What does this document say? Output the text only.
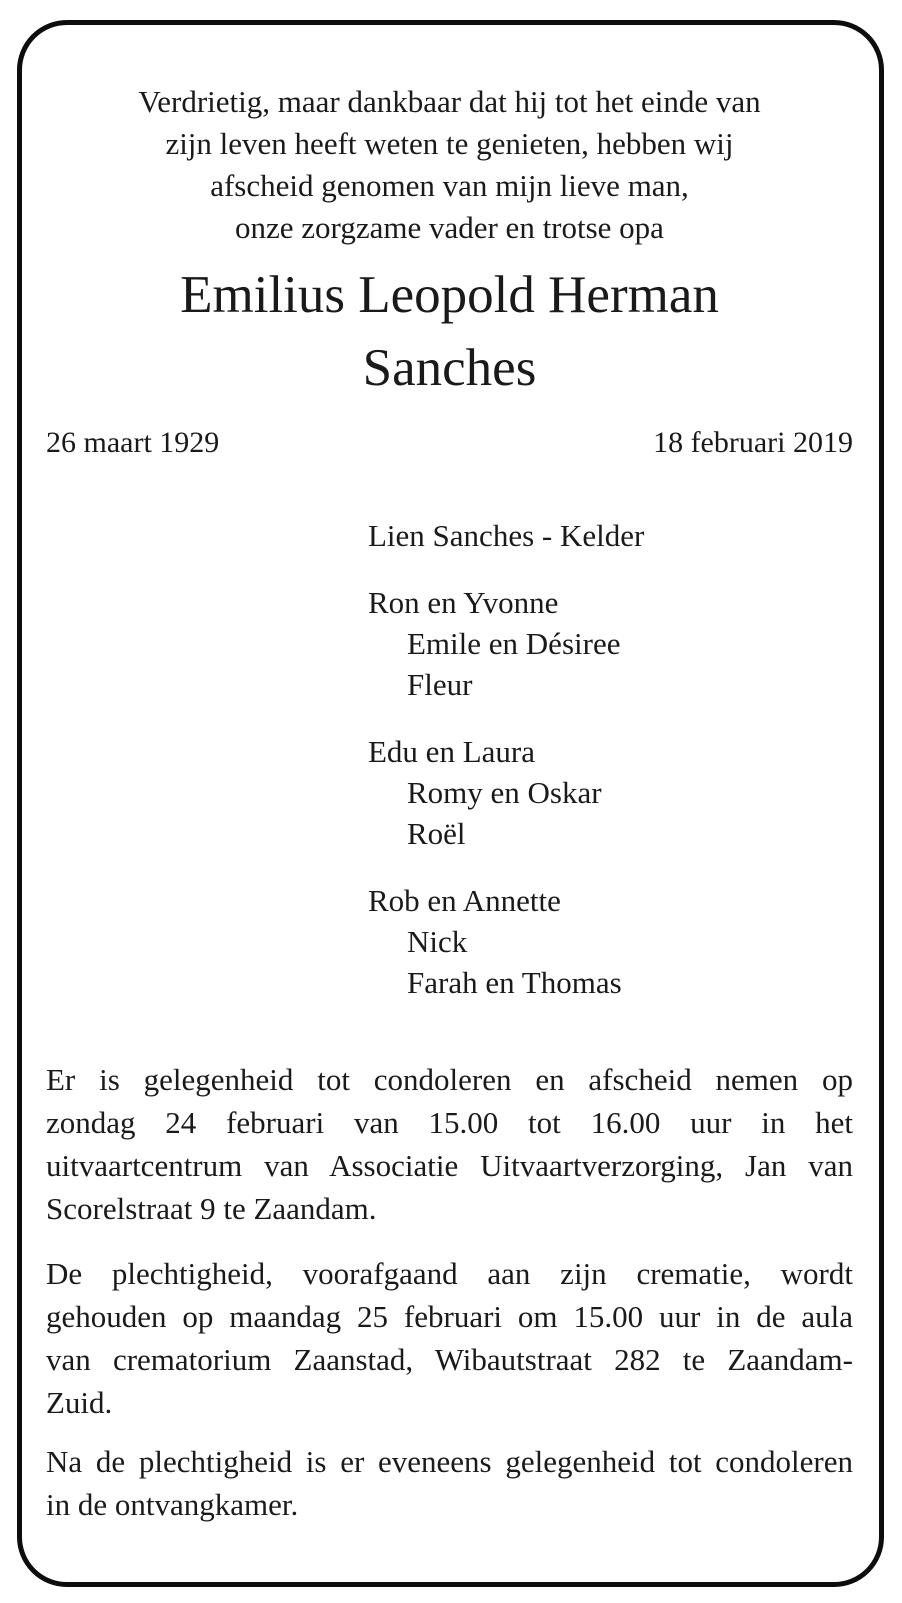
Verdrietig, maar dankbaar dat hij tot het einde van
zijn leven heeft weten te genieten, hebben wij
afscheid genomen van mijn lieve man,
onze zorgzame vader en trotse opa
Emilius Leopold Herman
Sanches
26 maart 1929	18 februari 2019
Lien Sanches - Kelder
Ron en Yvonne
Emile en Désiree
Fleur
Edu en Laura
Romy en Oskar
Roël
Rob en Annette
Nick
Farah en Thomas
Er is gelegenheid tot condoleren en afscheid nemen op
zondag 24 februari van 15.00 tot 16.00 uur in het
uitvaartcentrum van Associatie Uitvaartverzorging, Jan van
Scorelstraat 9 te Zaandam.
De plechtigheid, voorafgaand aan zijn crematie, wordt
gehouden op maandag 25 februari om 15.00 uur in de aula
van crematorium Zaanstad, Wibautstraat 282 te Zaandam-
Zuid.
Na de plechtigheid is er eveneens gelegenheid tot condoleren
in de ontvangkamer.
